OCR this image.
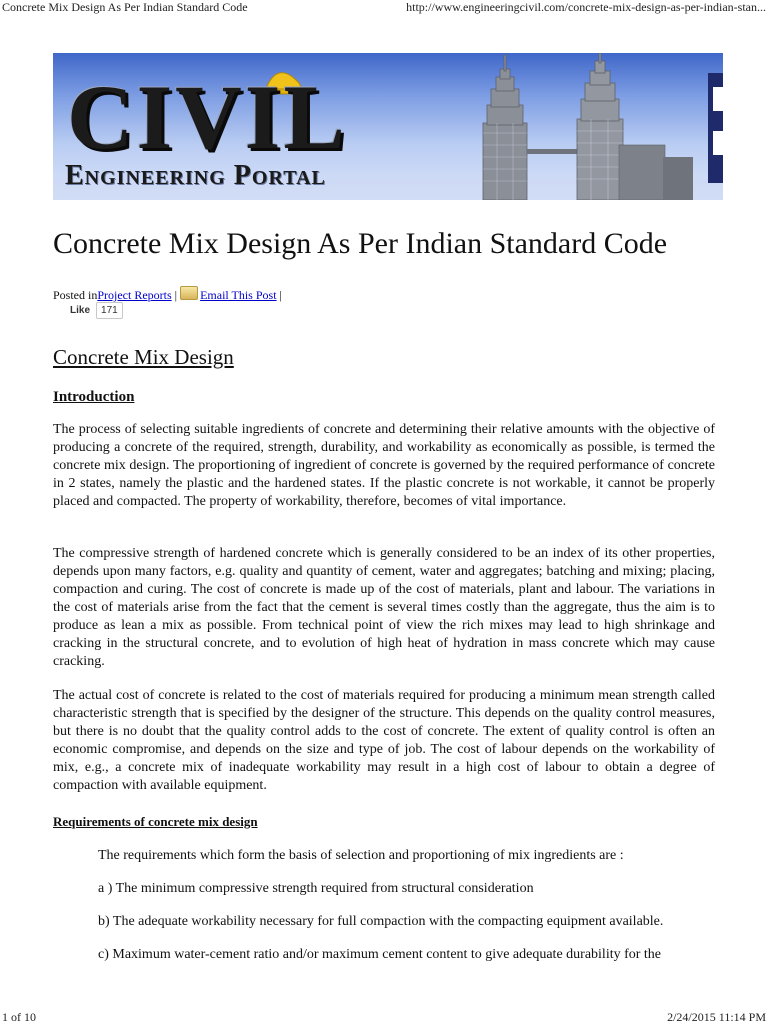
Concrete Mix Design As Per Indian Standard Code	http://www.engineeringcivil.com/concrete-mix-design-as-per-indian-stan...
CIVIL
Engineering Portal
Concrete Mix Design As Per Indian Standard Code
Posted inProject Reports | Email This Post |
Like 171
Concrete Mix Design
Introduction

The process of selecting suitable ingredients of concrete and determining their relative amounts with the objective of producing a concrete of the required, strength, durability, and workability as economically as possible, is termed the concrete mix design. The proportioning of ingredient of concrete is governed by the required performance of concrete in 2 states, namely the plastic and the hardened states. If the plastic concrete is not workable, it cannot be properly placed and compacted. The property of workability, therefore, becomes of vital importance.

The compressive strength of hardened concrete which is generally considered to be an index of its other properties, depends upon many factors, e.g. quality and quantity of cement, water and aggregates; batching and mixing; placing, compaction and curing. The cost of concrete is made up of the cost of materials, plant and labour. The variations in the cost of materials arise from the fact that the cement is several times costly than the aggregate, thus the aim is to produce as lean a mix as possible. From technical point of view the rich mixes may lead to high shrinkage and cracking in the structural concrete, and to evolution of high heat of hydration in mass concrete which may cause cracking.

The actual cost of concrete is related to the cost of materials required for producing a minimum mean strength called characteristic strength that is specified by the designer of the structure. This depends on the quality control measures, but there is no doubt that the quality control adds to the cost of concrete. The extent of quality control is often an economic compromise, and depends on the size and type of job. The cost of labour depends on the workability of mix, e.g., a concrete mix of inadequate workability may result in a high cost of labour to obtain a degree of compaction with available equipment.

Requirements of concrete mix design

The requirements which form the basis of selection and proportioning of mix ingredients are :

a ) The minimum compressive strength required from structural consideration

b) The adequate workability necessary for full compaction with the compacting equipment available.

c) Maximum water-cement ratio and/or maximum cement content to give adequate durability for the

1 of 10	2/24/2015 11:14 PM
